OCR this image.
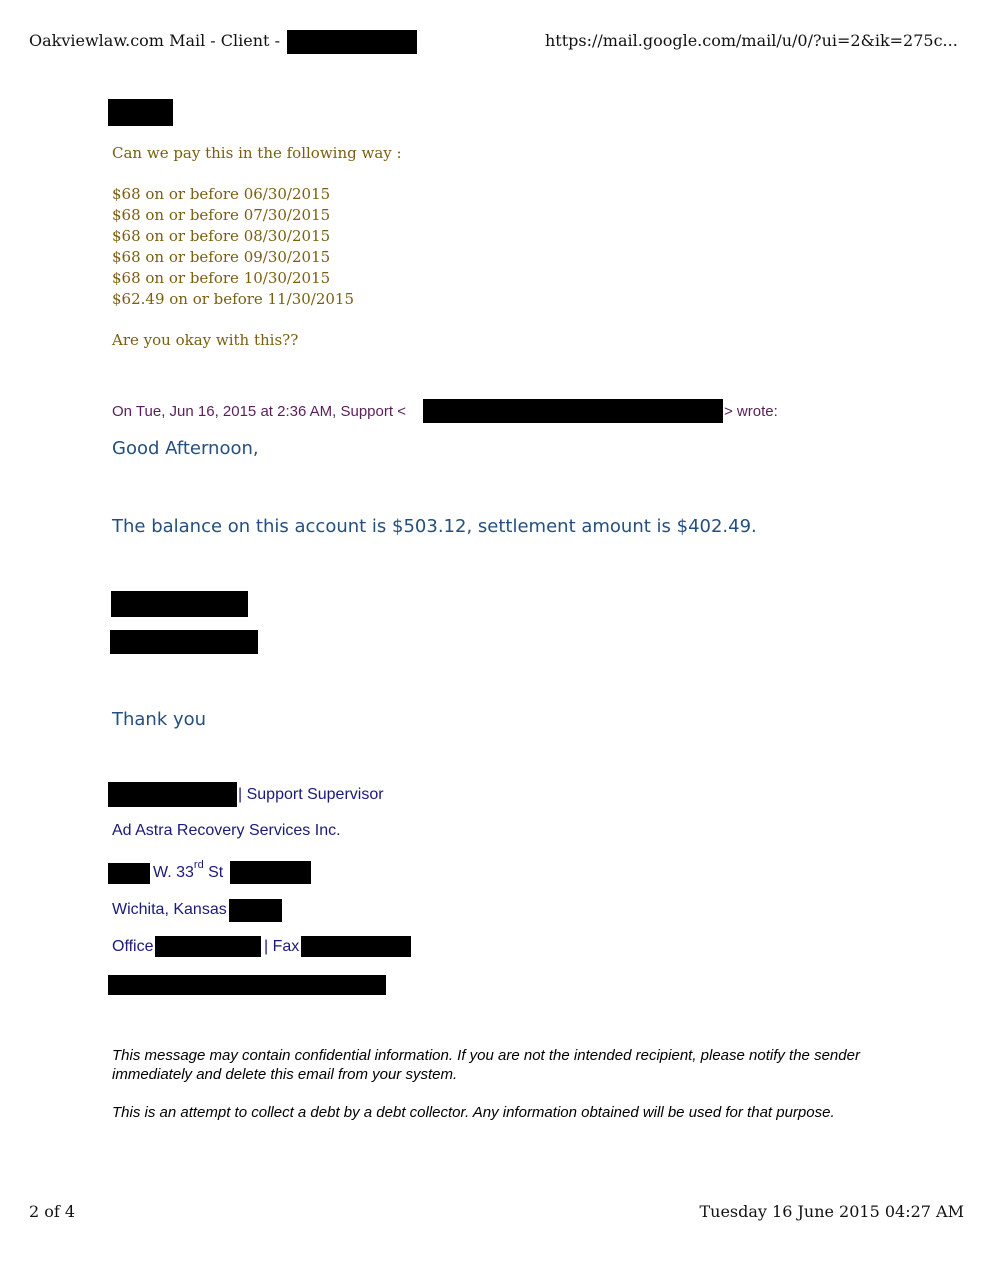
Oakviewlaw.com Mail - Client -	https://mail.google.com/mail/u/0/?ui=2&ik=275c...
Can we pay this in the following way :
$68 on or before 06/30/2015
$68 on or before 07/30/2015
$68 on or before 08/30/2015
$68 on or before 09/30/2015
$68 on or before 10/30/2015
$62.49 on or before 11/30/2015
Are you okay with this??
On Tue, Jun 16, 2015 at 2:36 AM, Support <	> wrote:
Good Afternoon,
The balance on this account is $503.12, settlement amount is $402.49.
Thank you
| Support Supervisor
Ad Astra Recovery Services Inc.
W. 33rd St
Wichita, Kansas
Office	| Fax
This message may contain confidential information. If you are not the intended recipient, please notify the sender immediately and delete this email from your system.
This is an attempt to collect a debt by a debt collector. Any information obtained will be used for that purpose.
2 of 4	Tuesday 16 June 2015 04:27 AM
